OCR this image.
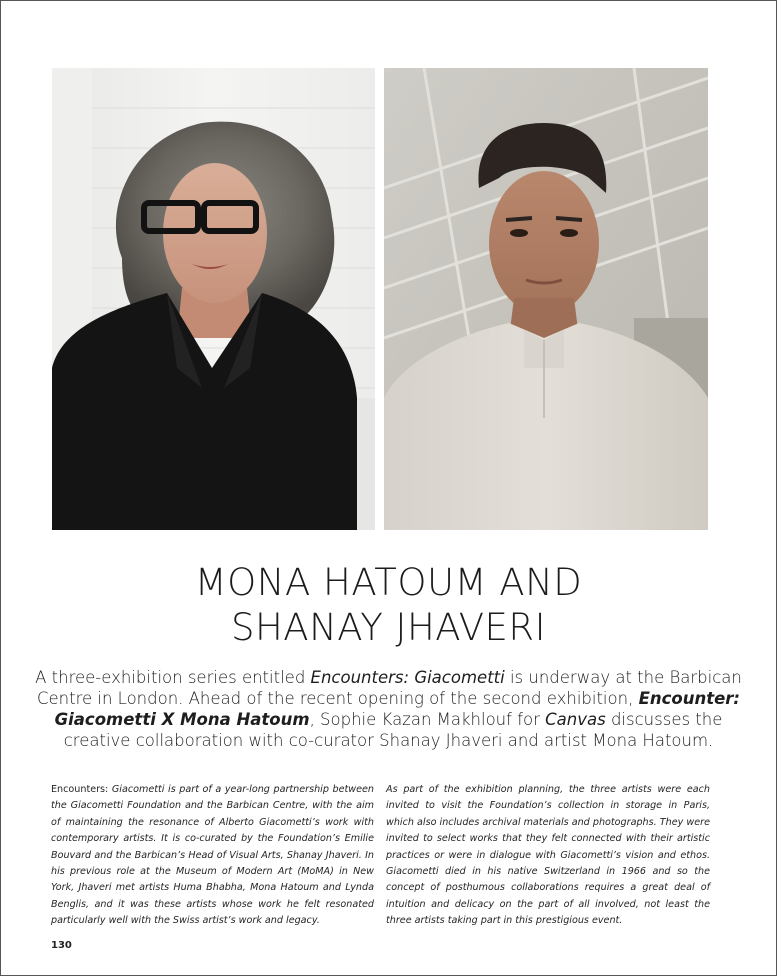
MONA HATOUM AND
SHANAY JHAVERI

A three-exhibition series entitled Encounters: Giacometti is underway at the Barbican Centre in London. Ahead of the recent opening of the second exhibition, Encounter: Giacometti X Mona Hatoum, Sophie Kazan Makhlouf for Canvas discusses the creative collaboration with co-curator Shanay Jhaveri and artist Mona Hatoum.

Encounters: Giacometti is part of a year-long partnership between the Giacometti Foundation and the Barbican Centre, with the aim of maintaining the resonance of Alberto Giacometti’s work with contemporary artists. It is co-curated by the Foundation’s Emilie Bouvard and the Barbican’s Head of Visual Arts, Shanay Jhaveri. In his previous role at the Museum of Modern Art (MoMA) in New York, Jhaveri met artists Huma Bhabha, Mona Hatoum and Lynda Benglis, and it was these artists whose work he felt resonated particularly well with the Swiss artist’s work and legacy.

As part of the exhibition planning, the three artists were each invited to visit the Foundation’s collection in storage in Paris, which also includes archival materials and photographs. They were invited to select works that they felt connected with their artistic practices or were in dialogue with Giacometti’s vision and ethos. Giacometti died in his native Switzerland in 1966 and so the concept of posthumous collaborations requires a great deal of intuition and delicacy on the part of all involved, not least the three artists taking part in this prestigious event.

130
